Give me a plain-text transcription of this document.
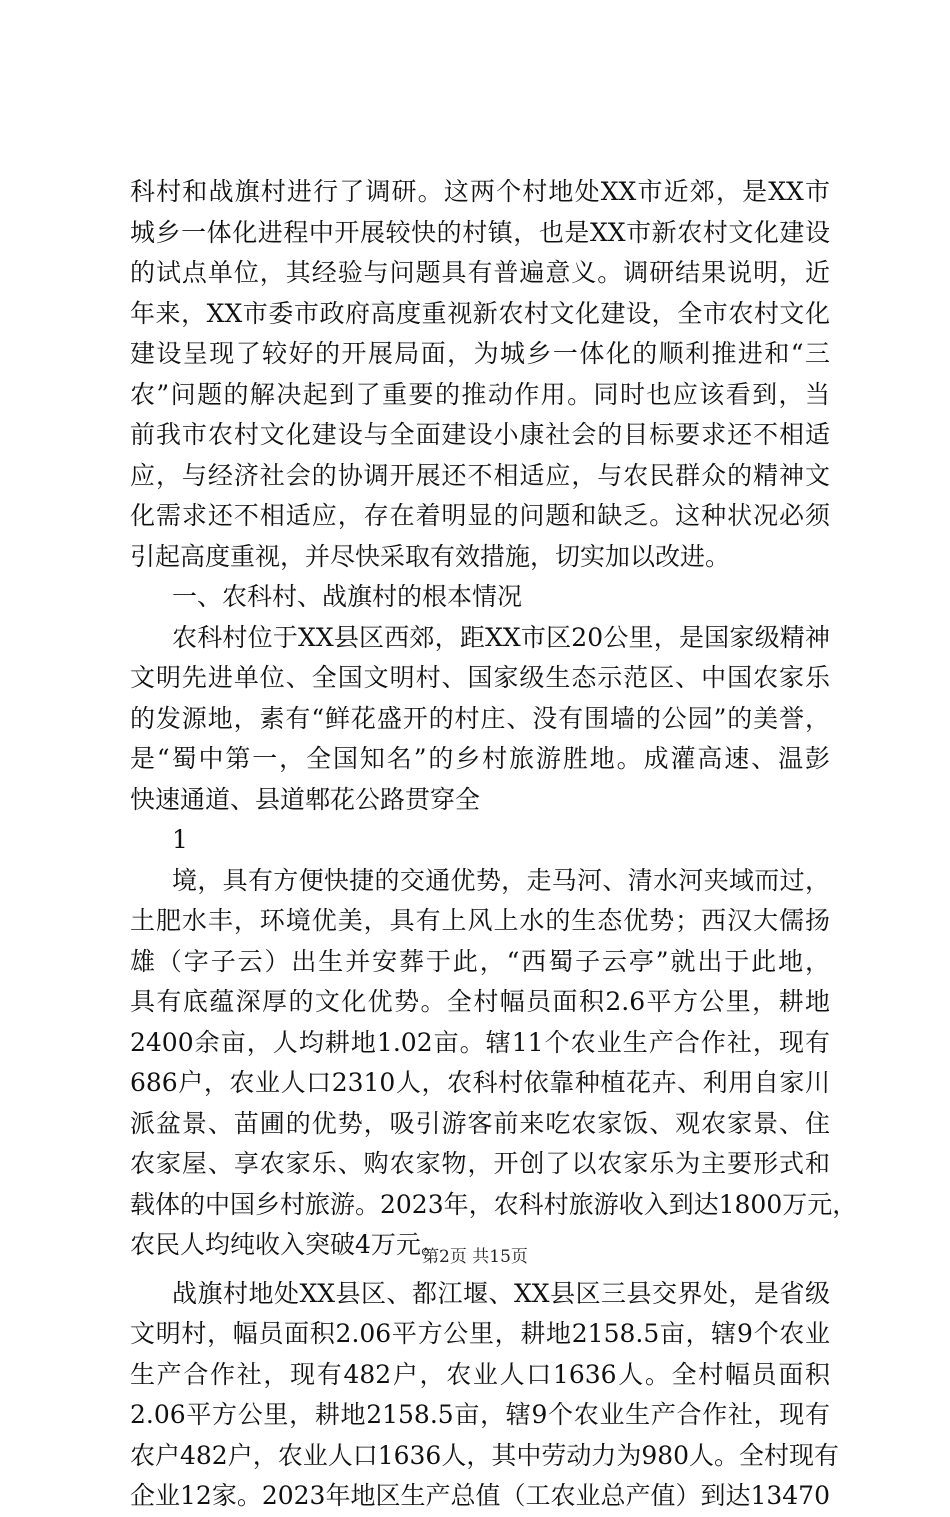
科村和战旗村进行了调研。这两个村地处XX市近郊，是XX市
城乡一体化进程中开展较快的村镇，也是XX市新农村文化建设
的试点单位，其经验与问题具有普遍意义。调研结果说明，近
年来，XX市委市政府高度重视新农村文化建设，全市农村文化
建设呈现了较好的开展局面，为城乡一体化的顺利推进和“三
农”问题的解决起到了重要的推动作用。同时也应该看到，当
前我市农村文化建设与全面建设小康社会的目标要求还不相适
应，与经济社会的协调开展还不相适应，与农民群众的精神文
化需求还不相适应，存在着明显的问题和缺乏。这种状况必须
引起高度重视，并尽快采取有效措施，切实加以改进。
一、农科村、战旗村的根本情况
农科村位于XX县区西郊，距XX市区20公里，是国家级精神
文明先进单位、全国文明村、国家级生态示范区、中国农家乐
的发源地，素有“鲜花盛开的村庄、没有围墙的公园”的美誉，
是“蜀中第一，全国知名”的乡村旅游胜地。成灌高速、温彭
快速通道、县道郫花公路贯穿全
1
境，具有方便快捷的交通优势，走马河、清水河夹域而过，
土肥水丰，环境优美，具有上风上水的生态优势；西汉大儒扬
雄（字子云）出生并安葬于此，“西蜀子云亭”就出于此地，
具有底蕴深厚的文化优势。全村幅员面积2.6平方公里，耕地
2400余亩，人均耕地1.02亩。辖11个农业生产合作社，现有
686户，农业人口2310人，农科村依靠种植花卉、利用自家川
派盆景、苗圃的优势，吸引游客前来吃农家饭、观农家景、住
农家屋、享农家乐、购农家物，开创了以农家乐为主要形式和
载体的中国乡村旅游。2023年，农科村旅游收入到达1800万元，
农民人均纯收入突破4万元。
战旗村地处XX县区、都江堰、XX县区三县交界处，是省级
文明村，幅员面积2.06平方公里，耕地2158.5亩，辖9个农业
生产合作社，现有482户，农业人口1636人。全村幅员面积
2.06平方公里，耕地2158.5亩，辖9个农业生产合作社，现有
农户482户，农业人口1636人，其中劳动力为980人。全村现有
企业12家。2023年地区生产总值（工农业总产值）到达13470
第2页 共15页
